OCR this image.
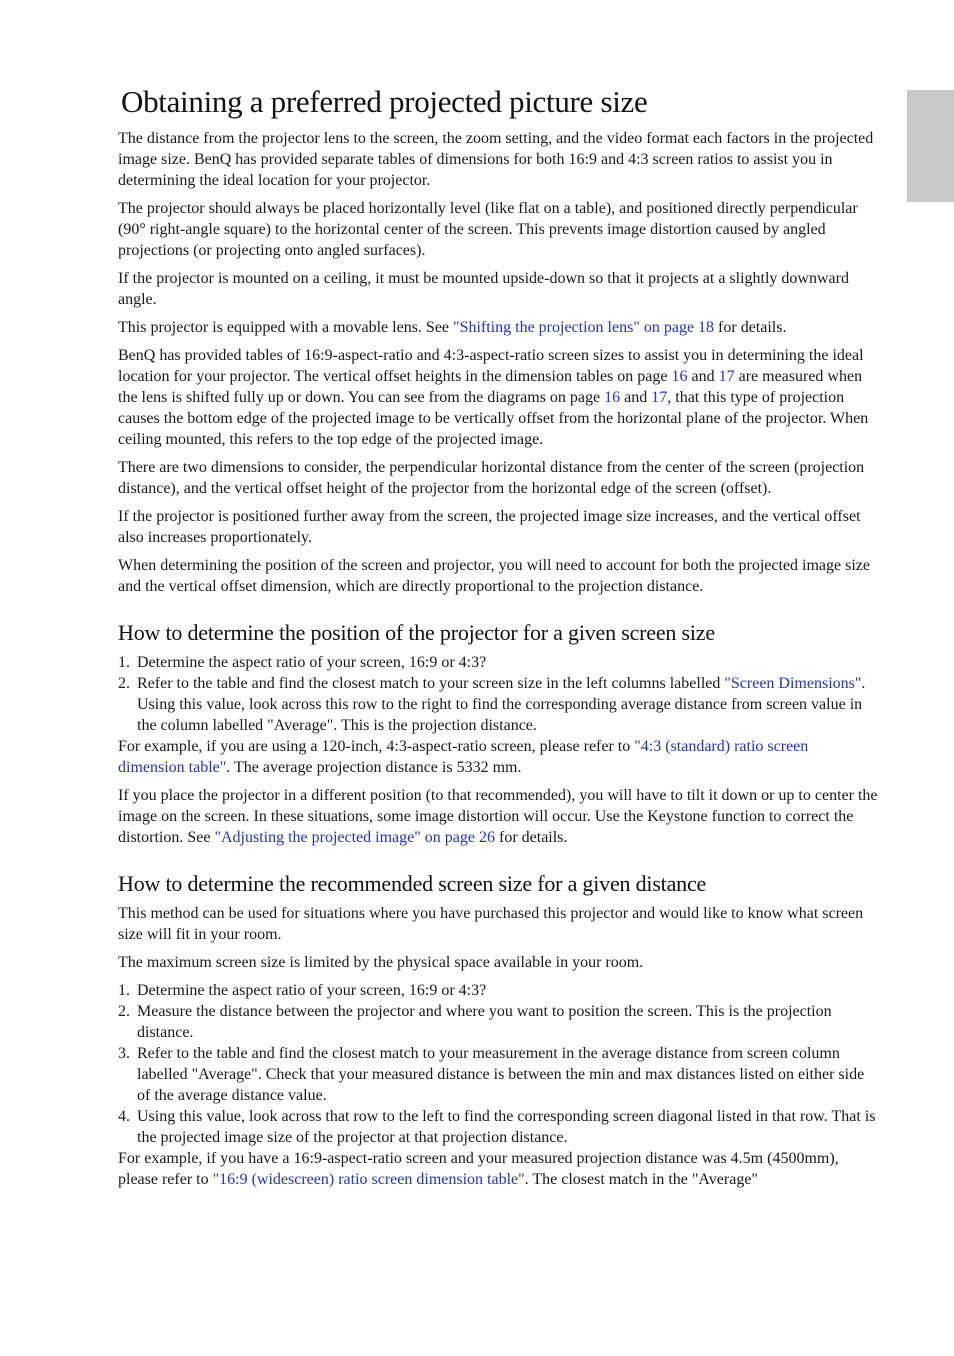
Obtaining a preferred projected picture size

The distance from the projector lens to the screen, the zoom setting, and the video format each factors in the projected image size. BenQ has provided separate tables of dimensions for both 16:9 and 4:3 screen ratios to assist you in determining the ideal location for your projector.

The projector should always be placed horizontally level (like flat on a table), and positioned directly perpendicular (90° right-angle square) to the horizontal center of the screen. This prevents image distortion caused by angled projections (or projecting onto angled surfaces).

If the projector is mounted on a ceiling, it must be mounted upside-down so that it projects at a slightly downward angle.

This projector is equipped with a movable lens. See "Shifting the projection lens" on page 18 for details.

BenQ has provided tables of 16:9-aspect-ratio and 4:3-aspect-ratio screen sizes to assist you in determining the ideal location for your projector. The vertical offset heights in the dimension tables on page 16 and 17 are measured when the lens is shifted fully up or down. You can see from the diagrams on page 16 and 17, that this type of projection causes the bottom edge of the projected image to be vertically offset from the horizontal plane of the projector. When ceiling mounted, this refers to the top edge of the projected image.

There are two dimensions to consider, the perpendicular horizontal distance from the center of the screen (projection distance), and the vertical offset height of the projector from the horizontal edge of the screen (offset).

If the projector is positioned further away from the screen, the projected image size increases, and the vertical offset also increases proportionately.

When determining the position of the screen and projector, you will need to account for both the projected image size and the vertical offset dimension, which are directly proportional to the projection distance.

How to determine the position of the projector for a given screen size
1. Determine the aspect ratio of your screen, 16:9 or 4:3?
2. Refer to the table and find the closest match to your screen size in the left columns labelled "Screen Dimensions". Using this value, look across this row to the right to find the corresponding average distance from screen value in the column labelled "Average". This is the projection distance.

For example, if you are using a 120-inch, 4:3-aspect-ratio screen, please refer to "4:3 (standard) ratio screen dimension table". The average projection distance is 5332 mm.

If you place the projector in a different position (to that recommended), you will have to tilt it down or up to center the image on the screen. In these situations, some image distortion will occur. Use the Keystone function to correct the distortion. See "Adjusting the projected image" on page 26 for details.

How to determine the recommended screen size for a given distance

This method can be used for situations where you have purchased this projector and would like to know what screen size will fit in your room.

The maximum screen size is limited by the physical space available in your room.

1. Determine the aspect ratio of your screen, 16:9 or 4:3?
2. Measure the distance between the projector and where you want to position the screen. This is the projection distance.
3. Refer to the table and find the closest match to your measurement in the average distance from screen column labelled "Average". Check that your measured distance is between the min and max distances listed on either side of the average distance value.
4. Using this value, look across that row to the left to find the corresponding screen diagonal listed in that row. That is the projected image size of the projector at that projection distance.

For example, if you have a 16:9-aspect-ratio screen and your measured projection distance was 4.5m (4500mm), please refer to "16:9 (widescreen) ratio screen dimension table". The closest match in the "Average"
